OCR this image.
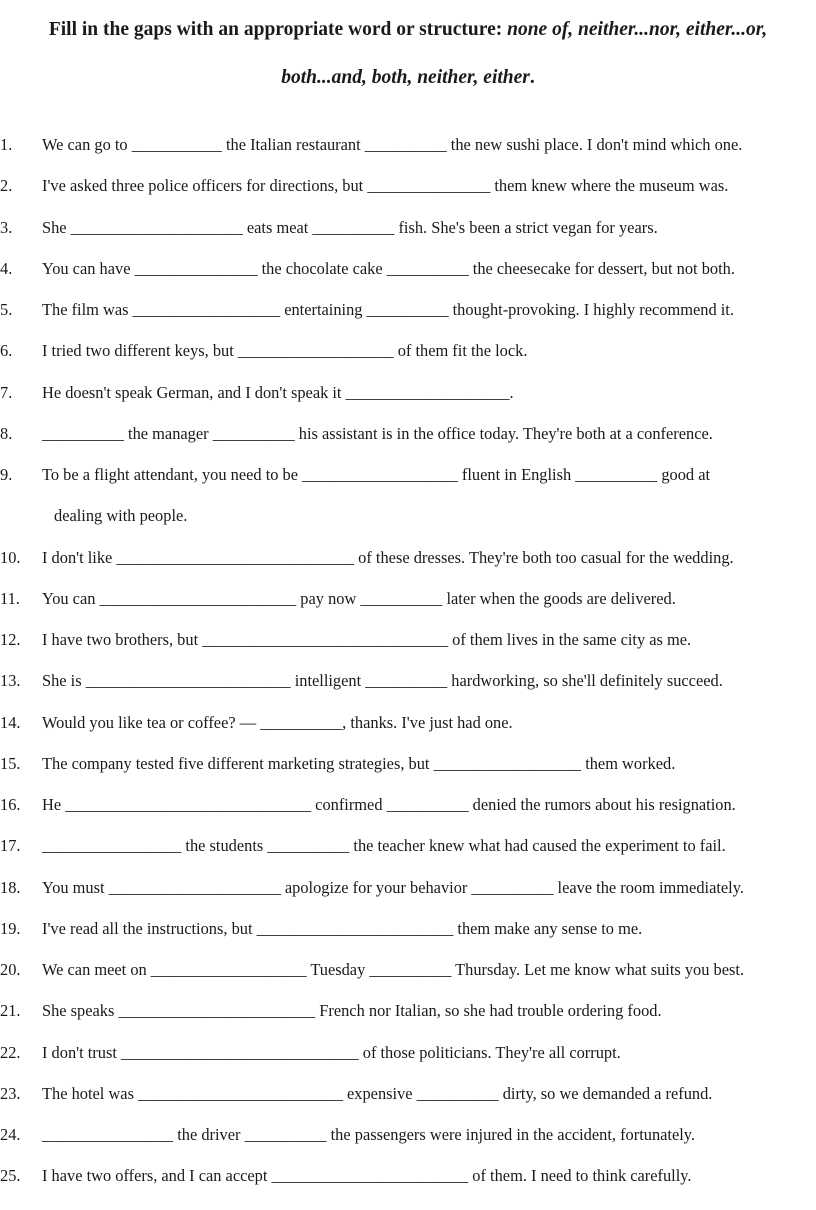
Fill in the gaps with an appropriate word or structure: none of, neither...nor, either...or,
both...and, both, neither, either.
1. We can go to ___________ the Italian restaurant __________ the new sushi place. I don't mind which one.
2. I've asked three police officers for directions, but _______________ them knew where the museum was.
3. She _____________________ eats meat __________ fish. She's been a strict vegan for years.
4. You can have _______________ the chocolate cake __________ the cheesecake for dessert, but not both.
5. The film was __________________ entertaining __________ thought-provoking. I highly recommend it.
6. I tried two different keys, but ___________________ of them fit the lock.
7. He doesn't speak German, and I don't speak it ____________________.
8. __________ the manager __________ his assistant is in the office today. They're both at a conference.
9. To be a flight attendant, you need to be ___________________ fluent in English __________ good at
dealing with people.
10. I don't like _____________________________ of these dresses. They're both too casual for the wedding.
11. You can ________________________ pay now __________ later when the goods are delivered.
12. I have two brothers, but ______________________________ of them lives in the same city as me.
13. She is _________________________ intelligent __________ hardworking, so she'll definitely succeed.
14. Would you like tea or coffee? — __________, thanks. I've just had one.
15. The company tested five different marketing strategies, but __________________ them worked.
16. He ______________________________ confirmed __________ denied the rumors about his resignation.
17. _________________ the students __________ the teacher knew what had caused the experiment to fail.
18. You must _____________________ apologize for your behavior __________ leave the room immediately.
19. I've read all the instructions, but ________________________ them make any sense to me.
20. We can meet on ___________________ Tuesday __________ Thursday. Let me know what suits you best.
21. She speaks ________________________ French nor Italian, so she had trouble ordering food.
22. I don't trust _____________________________ of those politicians. They're all corrupt.
23. The hotel was _________________________ expensive __________ dirty, so we demanded a refund.
24. ________________ the driver __________ the passengers were injured in the accident, fortunately.
25. I have two offers, and I can accept ________________________ of them. I need to think carefully.
